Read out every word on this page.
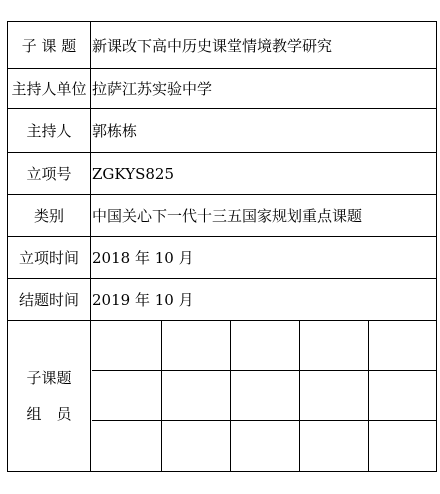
子 课 题	新课改下高中历史课堂情境教学研究
主持人单位 拉萨江苏实验中学
主持人	郭栋栋
立项号	ZGKYS825
类别	中国关心下一代十三五国家规划重点课题
立项时间 2018 年 10 月
结题时间 2019 年 10 月
子课题
组　员
